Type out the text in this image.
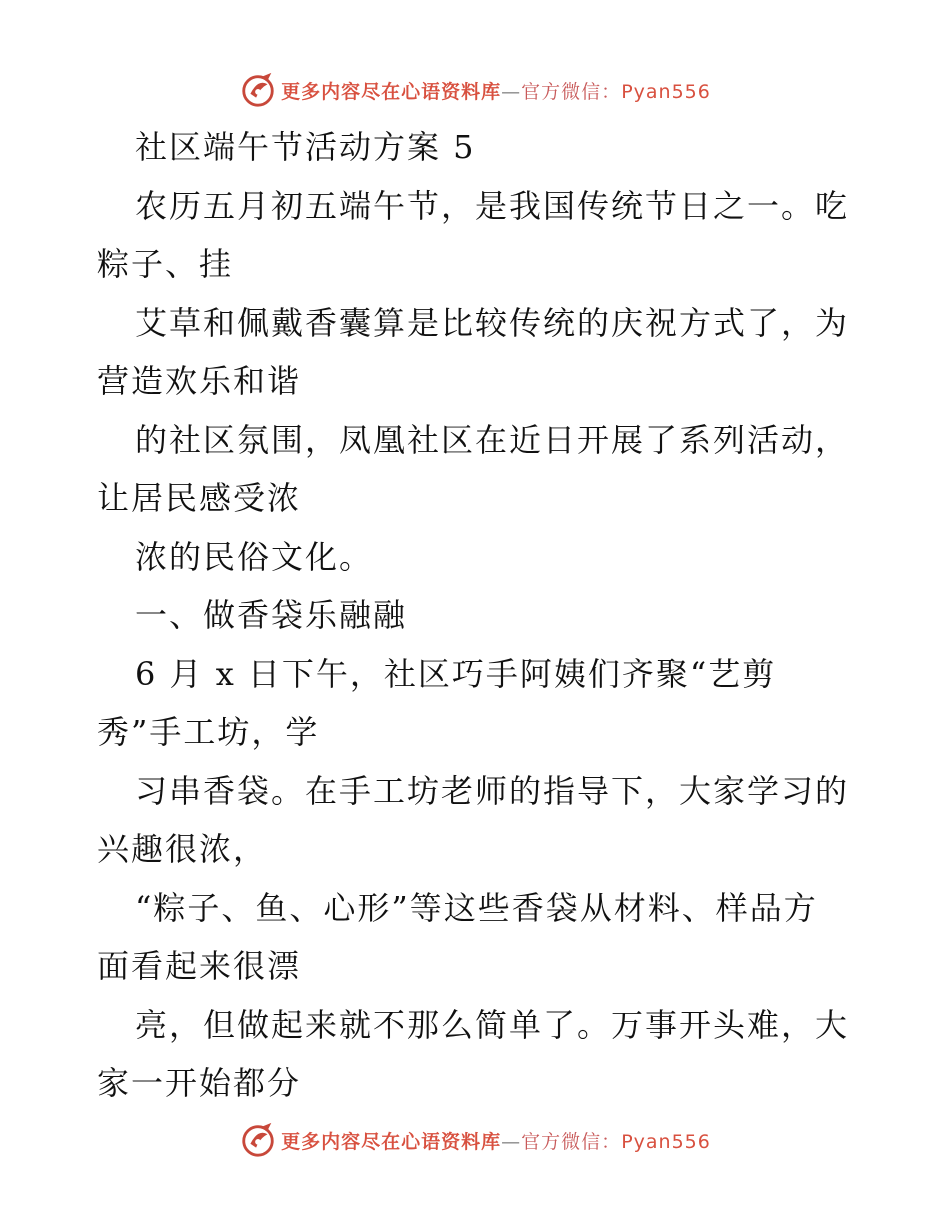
更多内容尽在心语资料库—官方微信：Pyan556
社区端午节活动方案 5
农历五月初五端午节，是我国传统节日之一。吃
粽子、挂
艾草和佩戴香囊算是比较传统的庆祝方式了，为
营造欢乐和谐
的社区氛围，凤凰社区在近日开展了系列活动，
让居民感受浓
浓的民俗文化。
一、做香袋乐融融
6 月 x 日下午，社区巧手阿姨们齐聚“艺剪
秀”手工坊，学
习串香袋。在手工坊老师的指导下，大家学习的
兴趣很浓，
“粽子、鱼、心形”等这些香袋从材料、样品方
面看起来很漂
亮，但做起来就不那么简单了。万事开头难，大
家一开始都分
更多内容尽在心语资料库—官方微信：Pyan556
